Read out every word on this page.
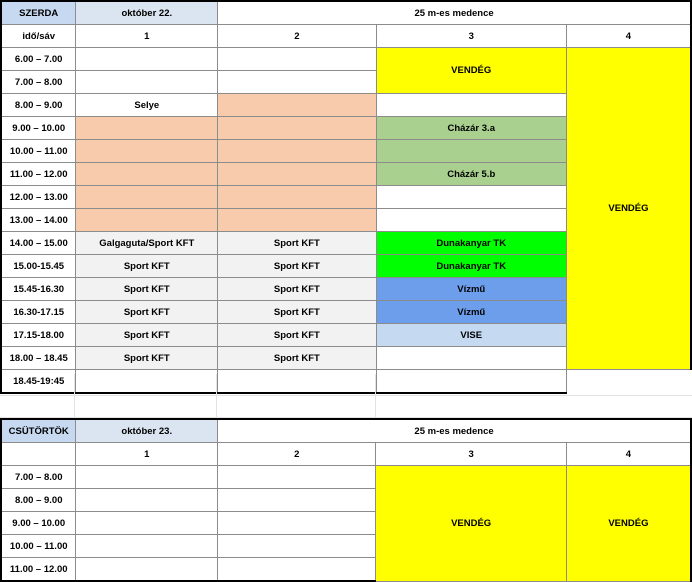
SZERDA	október 22.	25 m-es medence		
idő/sáv	1	2	3	4
6.00 – 7.00			VENDÉG	VENDÉG
7.00 – 8.00				
8.00 – 9.00	Selye			
9.00 – 10.00			Cházár 3.a	
10.00 – 11.00				
11.00 – 12.00			Cházár 5.b	
12.00 – 13.00				
13.00 – 14.00				
14.00 – 15.00	Galgaguta/Sport KFT	Sport KFT	Dunakanyar TK	
15.00-15.45	Sport KFT	Sport KFT	Dunakanyar TK	
15.45-16.30	Sport KFT	Sport KFT	Vízmű	
16.30-17.15	Sport KFT	Sport KFT	Vízmű	
17.15-18.00	Sport KFT	Sport KFT	VISE	
18.00 – 18.45	Sport KFT	Sport KFT		
18.45-19:45				
CSÜTÖRTÖK	október 23.	25 m-es medence		
	1	2	3	4
7.00 – 8.00			VENDÉG	VENDÉG
8.00 – 9.00				
9.00 – 10.00				
10.00 – 11.00				
11.00 – 12.00				
